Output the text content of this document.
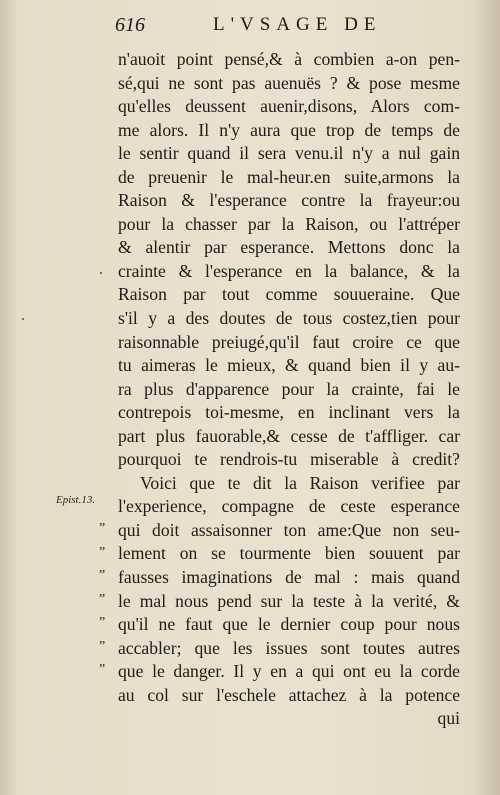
616	L'VSAGE DE
n'auoit point pensé,& à combien a-on pen-
sé,qui ne sont pas auenuës ? & pose mesme
qu'elles deussent auenir,disons, Alors com-
me alors. Il n'y aura que trop de temps de
le sentir quand il sera venu.il n'y a nul gain
de preuenir le mal-heur.en suite,armons la
Raison & l'esperance contre la frayeur:ou
pour la chasser par la Raison, ou l'attréper
& alentir par esperance. Mettons donc la
crainte & l'esperance en la balance, & la
Raison par tout comme souueraine. Que
s'il y a des doutes de tous costez,tien pour
raisonnable preiugé,qu'il faut croire ce que
tu aimeras le mieux, & quand bien il y au-
ra plus d'apparence pour la crainte, fai le
contrepois toi-mesme, en inclinant vers la
part plus fauorable,& cesse de t'affliger. car
pourquoi te rendrois-tu miserable à credit?
Voici que te dit la Raison verifiee par
l'experience, compagne de ceste esperance
qui doit assaisonner ton ame:Que non seu-
lement on se tourmente bien souuent par
fausses imaginations de mal : mais quand
le mal nous pend sur la teste à la verité, &
qu'il ne faut que le dernier coup pour nous
accabler; que les issues sont toutes autres
que le danger. Il y en a qui ont eu la corde
au col sur l'eschele attachez à la potence
qui
Epist.13.
”
”
”
”
”
”
”
